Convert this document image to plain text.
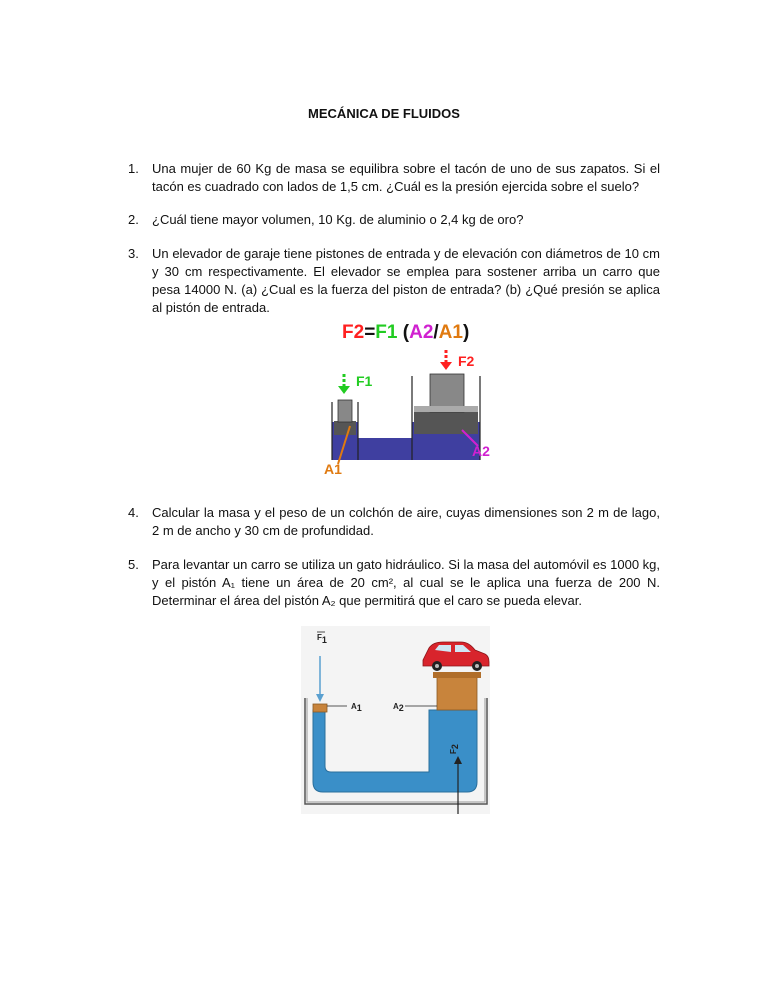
MECÁNICA DE FLUIDOS
1.	Una mujer de 60 Kg de masa se equilibra sobre el tacón de uno de sus zapatos. Si el tacón es cuadrado con lados de 1,5 cm. ¿Cuál es la presión ejercida sobre el suelo?
2.	¿Cuál tiene mayor volumen, 10 Kg. de aluminio o 2,4 kg de oro?
3.	Un elevador de garaje tiene pistones de entrada y de elevación con diámetros de 10 cm y 30 cm respectivamente. El elevador se emplea para sostener arriba un carro que pesa 14000 N. (a) ¿Cual es la fuerza del piston de entrada? (b) ¿Qué presión se aplica al pistón de entrada.
F2=F1 (A2/A1)
F1
F2
A1
A2
4.	Calcular la masa y el peso de un colchón de aire, cuyas dimensiones son 2 m de lago, 2 m de ancho y 30 cm de profundidad.
5.	Para levantar un carro se utiliza un gato hidráulico. Si la masa del automóvil es 1000 kg, y el pistón A₁ tiene un área de 20 cm², al cual se le aplica una fuerza de 200 N. Determinar el área del pistón A₂ que permitirá que el caro se pueda elevar.
F1
A1	A2
F2
